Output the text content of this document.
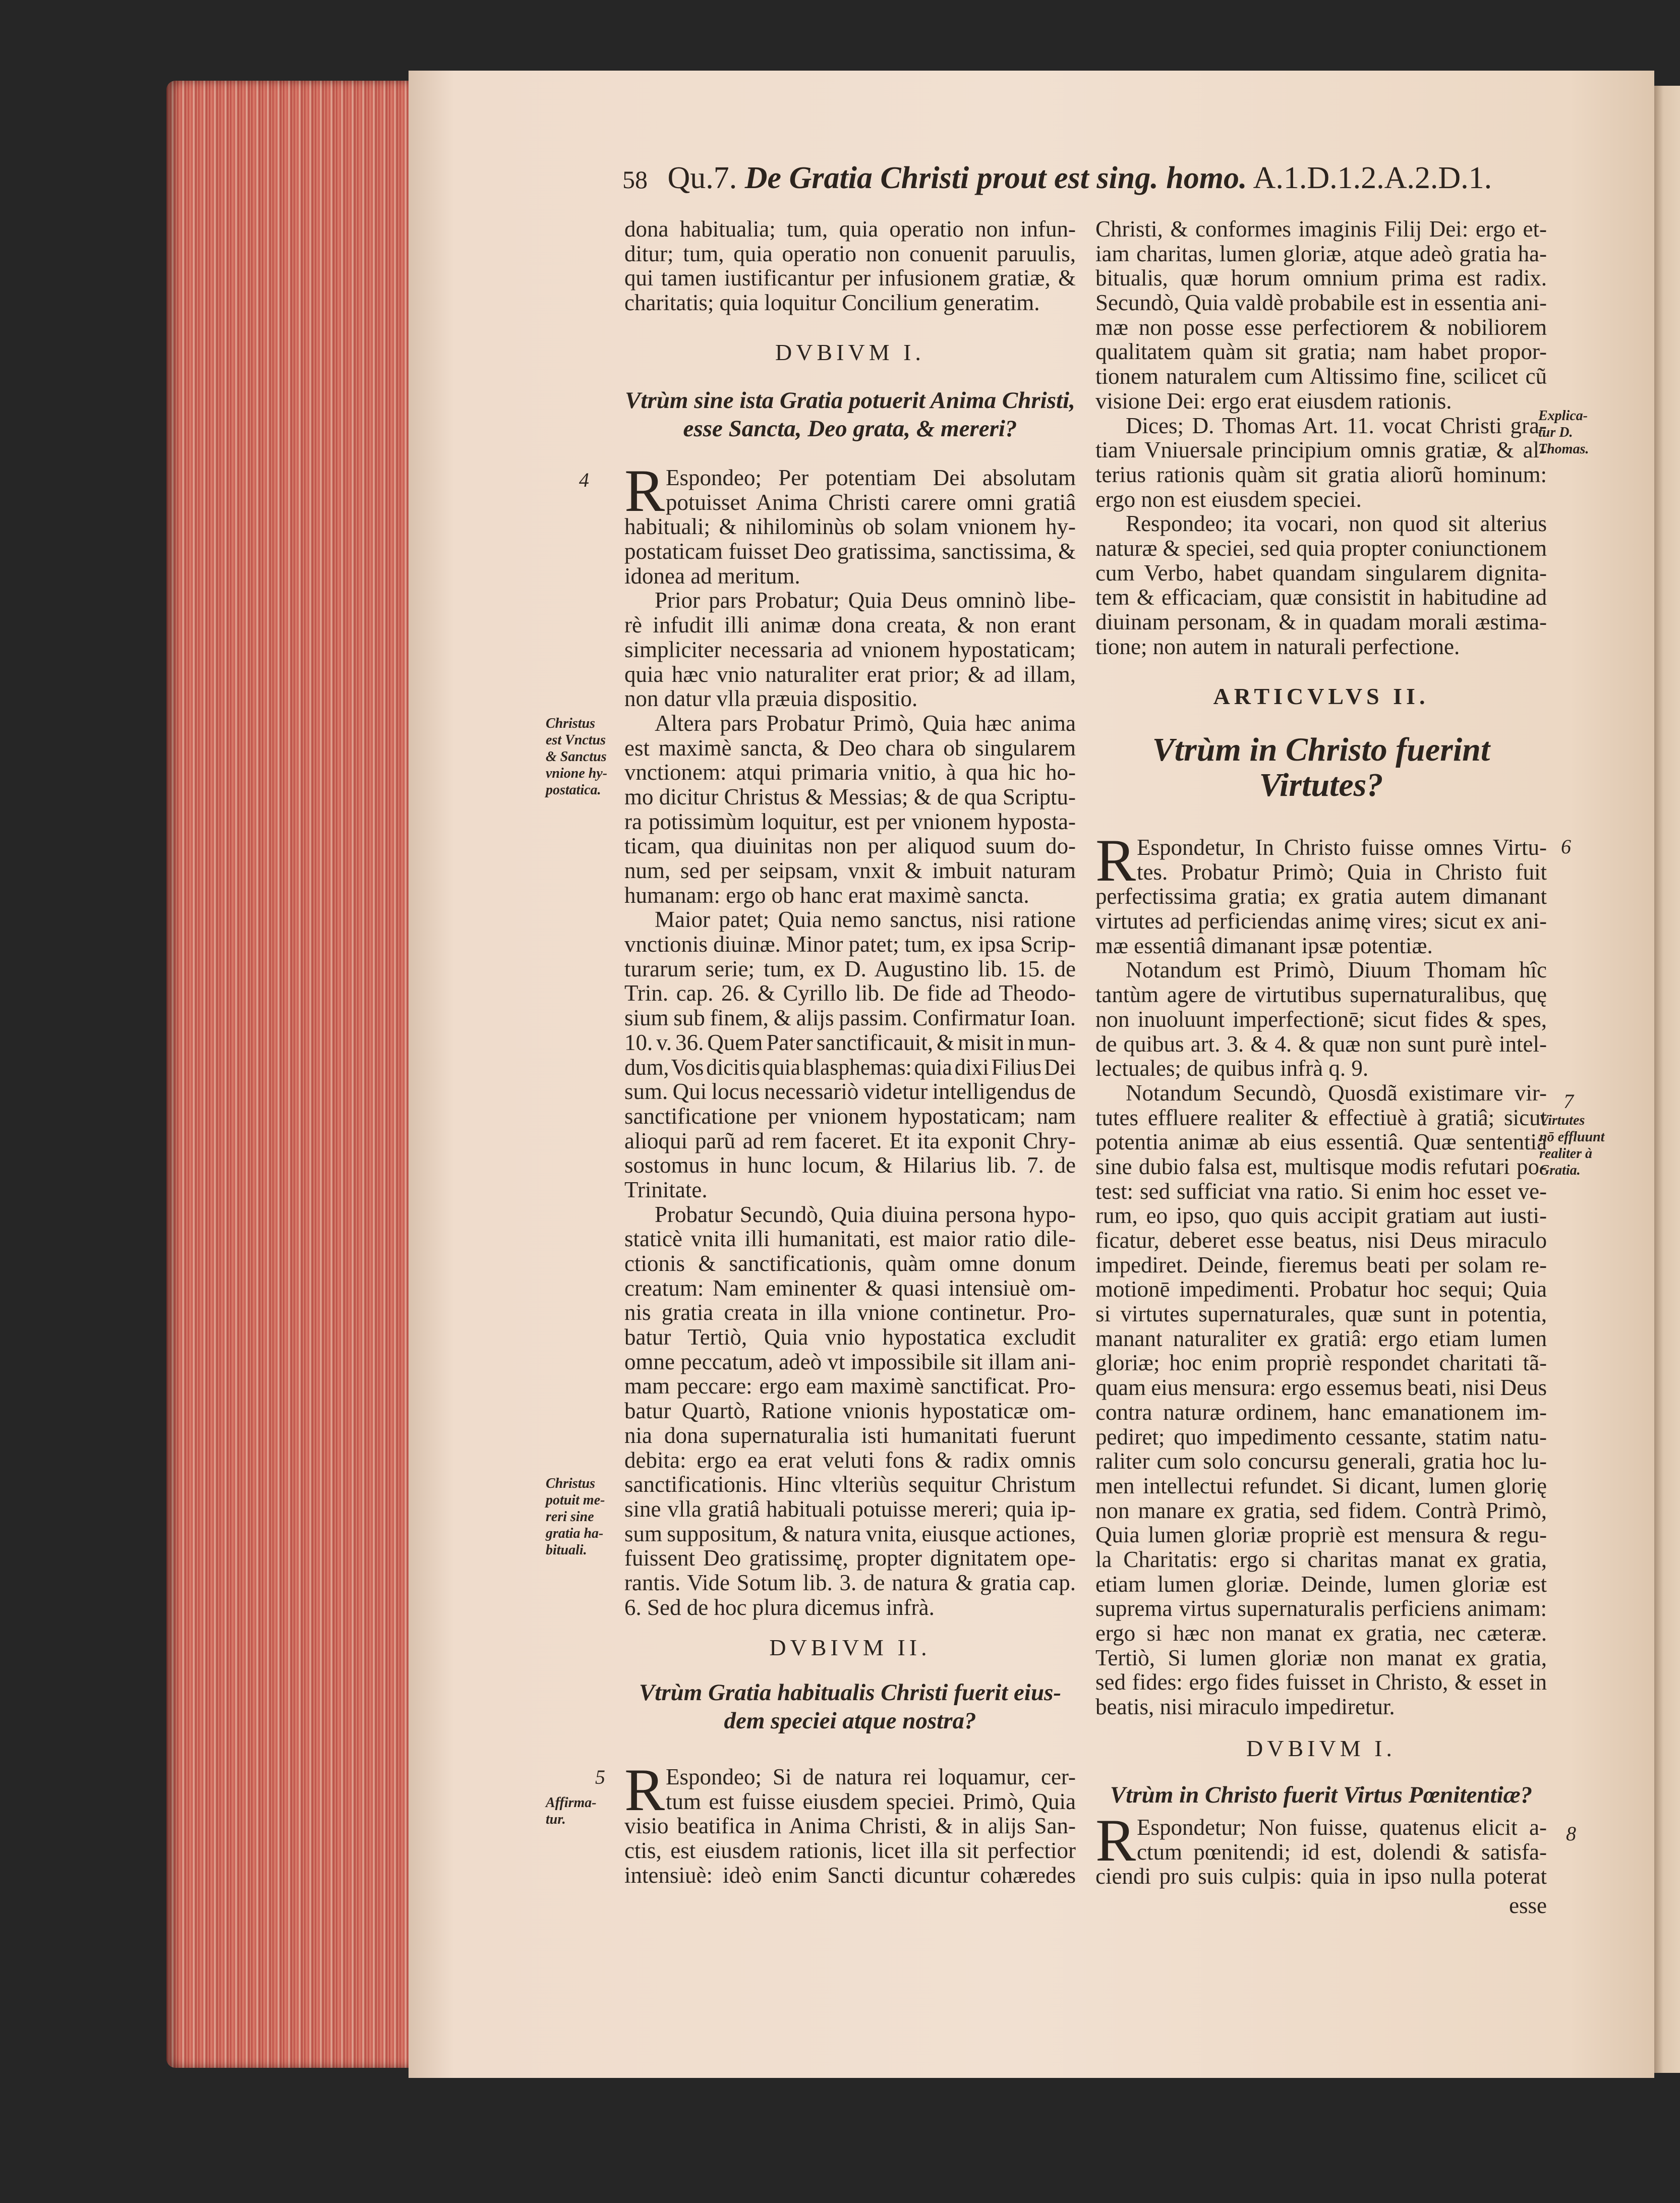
58 Qu.7. De Gratia Christi prout est sing. homo. A.1.D.1.2.A.2.D.1.
dona habitualia; tum, quia operatio non infun-
ditur; tum, quia operatio non conuenit paruulis,
qui tamen iustificantur per infusionem gratiæ, &
charitatis; quia loquitur Concilium generatim.
DVBIVM I.
Vtrùm sine ista Gratia potuerit Anima Christi,
esse Sancta, Deo grata, & mereri?
R Espondeo; Per potentiam Dei absolutam
potuisset Anima Christi carere omni gratiâ
habituali; & nihilominùs ob solam vnionem hy-
postaticam fuisset Deo gratissima, sanctissima, &
idonea ad meritum.
Prior pars Probatur; Quia Deus omninò libe-
rè infudit illi animæ dona creata, & non erant
simpliciter necessaria ad vnionem hypostaticam;
quia hæc vnio naturaliter erat prior; & ad illam,
non datur vlla præuia dispositio.
Altera pars Probatur Primò, Quia hæc anima
est maximè sancta, & Deo chara ob singularem
vnctionem: atqui primaria vnitio, à qua hic ho-
mo dicitur Christus & Messias; & de qua Scriptu-
ra potissimùm loquitur, est per vnionem hyposta-
ticam, qua diuinitas non per aliquod suum do-
num, sed per seipsam, vnxit & imbuit naturam
humanam: ergo ob hanc erat maximè sancta.
Maior patet; Quia nemo sanctus, nisi ratione
vnctionis diuinæ. Minor patet; tum, ex ipsa Scrip-
turarum serie; tum, ex D. Augustino lib. 15. de
Trin. cap. 26. & Cyrillo lib. De fide ad Theodo-
sium sub finem, & alijs passim. Confirmatur Ioan.
10. v. 36. Quem Pater sanctificauit, & misit in mun-
dum, Vos dicitis quia blasphemas: quia dixi Filius Dei
sum. Qui locus necessariò videtur intelligendus de
sanctificatione per vnionem hypostaticam; nam
alioqui parũ ad rem faceret. Et ita exponit Chry-
sostomus in hunc locum, & Hilarius lib. 7. de
Trinitate.
Probatur Secundò, Quia diuina persona hypo-
staticè vnita illi humanitati, est maior ratio dile-
ctionis & sanctificationis, quàm omne donum
creatum: Nam eminenter & quasi intensiuè om-
nis gratia creata in illa vnione continetur. Pro-
batur Tertiò, Quia vnio hypostatica excludit
omne peccatum, adeò vt impossibile sit illam ani-
mam peccare: ergo eam maximè sanctificat. Pro-
batur Quartò, Ratione vnionis hypostaticæ om-
nia dona supernaturalia isti humanitati fuerunt
debita: ergo ea erat veluti fons & radix omnis
sanctificationis. Hinc vlteriùs sequitur Christum
sine vlla gratiâ habituali potuisse mereri; quia ip-
sum suppositum, & natura vnita, eiusque actiones,
fuissent Deo gratissimę, propter dignitatem ope-
rantis. Vide Sotum lib. 3. de natura & gratia cap.
6. Sed de hoc plura dicemus infrà.
DVBIVM II.
Vtrùm Gratia habitualis Christi fuerit eius-
dem speciei atque nostra?
R Espondeo; Si de natura rei loquamur, cer-
tum est fuisse eiusdem speciei. Primò, Quia
visio beatifica in Anima Christi, & in alijs San-
ctis, est eiusdem rationis, licet illa sit perfectior
intensiuè: ideò enim Sancti dicuntur cohæredes
Christi, & conformes imaginis Filij Dei: ergo et-
iam charitas, lumen gloriæ, atque adeò gratia ha-
bitualis, quæ horum omnium prima est radix.
Secundò, Quia valdè probabile est in essentia ani-
mæ non posse esse perfectiorem & nobiliorem
qualitatem quàm sit gratia; nam habet propor-
tionem naturalem cum Altissimo fine, scilicet cũ
visione Dei: ergo erat eiusdem rationis.
Dices; D. Thomas Art. 11. vocat Christi gra-
tiam Vniuersale principium omnis gratiæ, & al-
terius rationis quàm sit gratia aliorũ hominum:
ergo non est eiusdem speciei.
Respondeo; ita vocari, non quod sit alterius
naturæ & speciei, sed quia propter coniunctionem
cum Verbo, habet quandam singularem dignita-
tem & efficaciam, quæ consistit in habitudine ad
diuinam personam, & in quadam morali æstima-
tione; non autem in naturali perfectione.
ARTICVLVS II.
Vtrùm in Christo fuerint
Virtutes?
R Espondetur, In Christo fuisse omnes Virtu-
tes. Probatur Primò; Quia in Christo fuit
perfectissima gratia; ex gratia autem dimanant
virtutes ad perficiendas animę vires; sicut ex ani-
mæ essentiâ dimanant ipsæ potentiæ.
Notandum est Primò, Diuum Thomam hîc
tantùm agere de virtutibus supernaturalibus, quę
non inuoluunt imperfectionē; sicut fides & spes,
de quibus art. 3. & 4. & quæ non sunt purè intel-
lectuales; de quibus infrà q. 9.
Notandum Secundò, Quosdã existimare vir-
tutes effluere realiter & effectiuè à gratiâ; sicut
potentia animæ ab eius essentiâ. Quæ sententia
sine dubio falsa est, multisque modis refutari po-
test: sed sufficiat vna ratio. Si enim hoc esset ve-
rum, eo ipso, quo quis accipit gratiam aut iusti-
ficatur, deberet esse beatus, nisi Deus miraculo
impediret. Deinde, fieremus beati per solam re-
motionē impedimenti. Probatur hoc sequi; Quia
si virtutes supernaturales, quæ sunt in potentia,
manant naturaliter ex gratiâ: ergo etiam lumen
gloriæ; hoc enim propriè respondet charitati tã-
quam eius mensura: ergo essemus beati, nisi Deus
contra naturæ ordinem, hanc emanationem im-
pediret; quo impedimento cessante, statim natu-
raliter cum solo concursu generali, gratia hoc lu-
men intellectui refundet. Si dicant, lumen glorię
non manare ex gratia, sed fidem. Contrà Primò,
Quia lumen gloriæ propriè est mensura & regu-
la Charitatis: ergo si charitas manat ex gratia,
etiam lumen gloriæ. Deinde, lumen gloriæ est
suprema virtus supernaturalis perficiens animam:
ergo si hæc non manat ex gratia, nec cæteræ.
Tertiò, Si lumen gloriæ non manat ex gratia,
sed fides: ergo fides fuisset in Christo, & esset in
beatis, nisi miraculo impediretur.
DVBIVM I.
Vtrùm in Christo fuerit Virtus Pœnitentiæ?
R Espondetur; Non fuisse, quatenus elicit a-
ctum pœnitendi; id est, dolendi & satisfa-
ciendi pro suis culpis: quia in ipso nulla poterat
esse
4
Christus
est Vnctus
& Sanctus
vnione hy-
postatica.
Christus
potuit me-
reri sine
gratia ha-
bituali.
5
Affirma-
tur.
Explica-
tur D.
Thomas.
6
7
Virtutes
nō effluunt
realiter à
Gratia.
8
